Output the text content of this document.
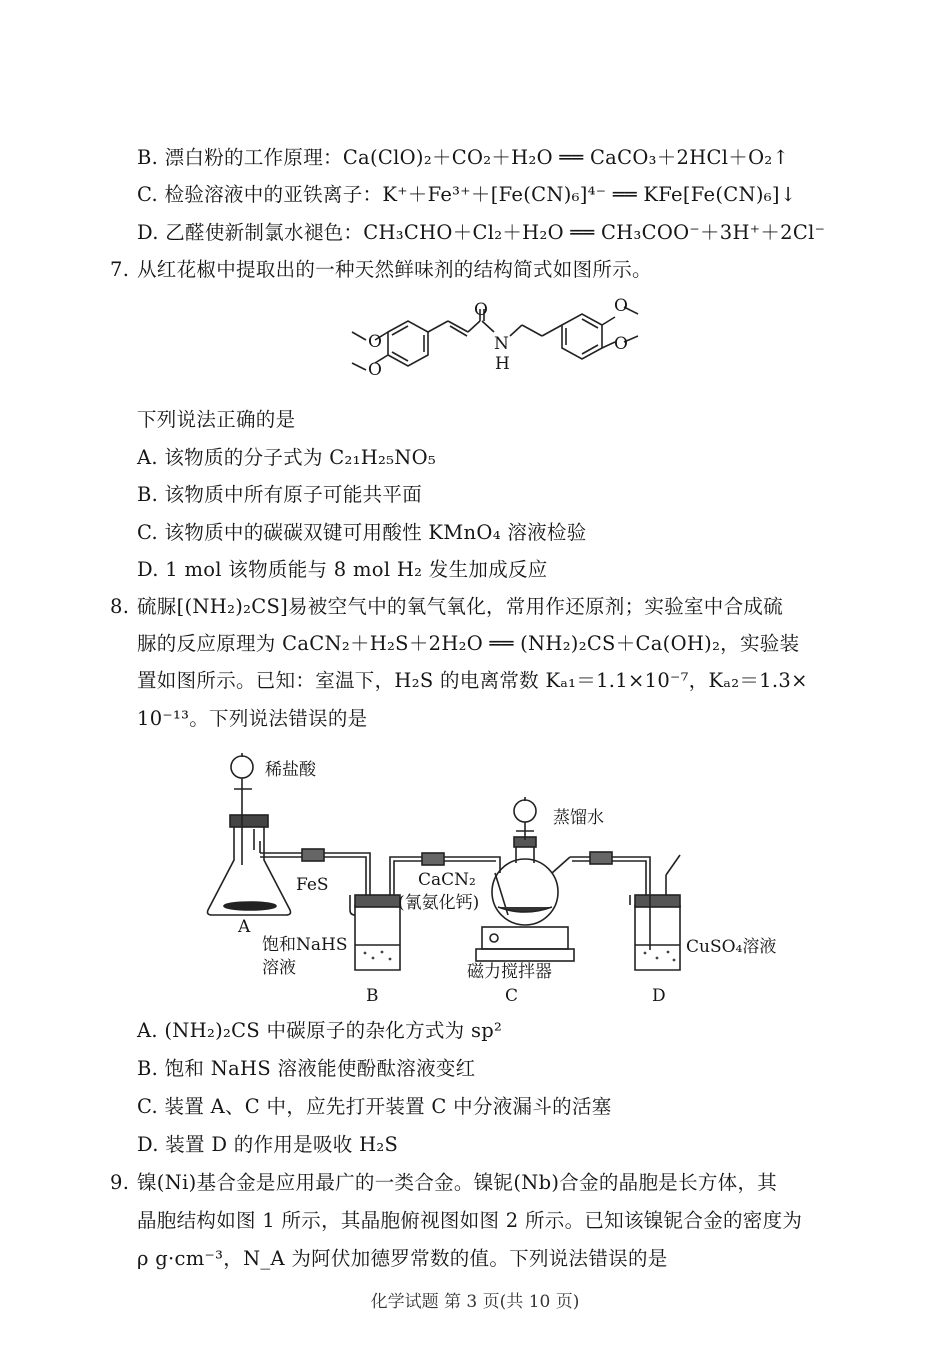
B. 漂白粉的工作原理：Ca(ClO)₂＋CO₂＋H₂O ══ CaCO₃＋2HCl＋O₂↑
C. 检验溶液中的亚铁离子：K⁺＋Fe³⁺＋[Fe(CN)₆]⁴⁻ ══ KFe[Fe(CN)₆]↓
D. 乙醛使新制氯水褪色：CH₃CHO＋Cl₂＋H₂O ══ CH₃COO⁻＋3H⁺＋2Cl⁻
7. 从红花椒中提取出的一种天然鲜味剂的结构简式如图所示。
O
N
H
O
O
O
O
下列说法正确的是
A. 该物质的分子式为 C₂₁H₂₅NO₅
B. 该物质中所有原子可能共平面
C. 该物质中的碳碳双键可用酸性 KMnO₄ 溶液检验
D. 1 mol 该物质能与 8 mol H₂ 发生加成反应
8. 硫脲[(NH₂)₂CS]易被空气中的氧气氧化，常用作还原剂；实验室中合成硫
脲的反应原理为 CaCN₂＋H₂S＋2H₂O ══ (NH₂)₂CS＋Ca(OH)₂，实验装
置如图所示。已知：室温下，H₂S 的电离常数 Kₐ₁＝1.1×10⁻⁷，Kₐ₂＝1.3×
10⁻¹³。下列说法错误的是
稀盐酸
FeS
A
饱和NaHS
溶液
B
蒸馏水
CaCN₂
(氰氨化钙)
磁力搅拌器
C
CuSO₄溶液
D
A. (NH₂)₂CS 中碳原子的杂化方式为 sp²
B. 饱和 NaHS 溶液能使酚酞溶液变红
C. 装置 A、C 中，应先打开装置 C 中分液漏斗的活塞
D. 装置 D 的作用是吸收 H₂S
9. 镍(Ni)基合金是应用最广的一类合金。镍铌(Nb)合金的晶胞是长方体，其
晶胞结构如图 1 所示，其晶胞俯视图如图 2 所示。已知该镍铌合金的密度为
ρ g·cm⁻³，N_A 为阿伏加德罗常数的值。下列说法错误的是
化学试题 第 3 页(共 10 页)
